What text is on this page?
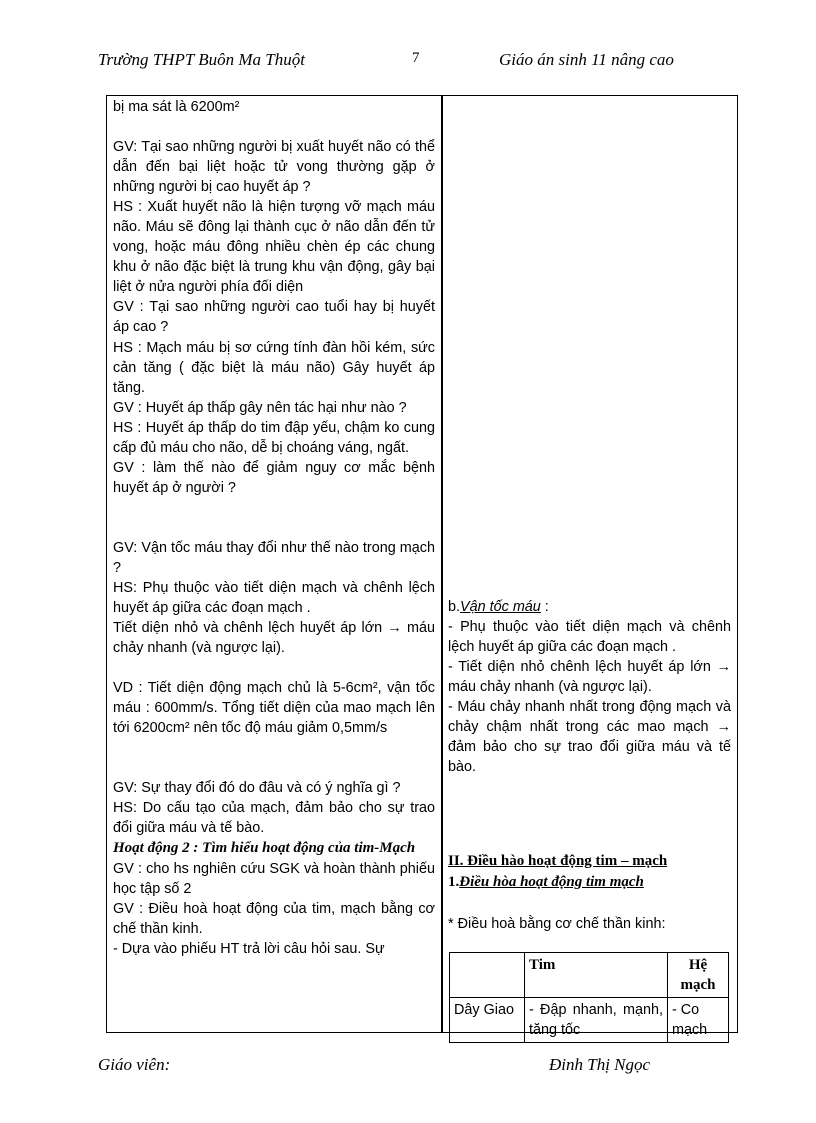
Trường THPT Buôn Ma Thuột	7	Giáo án sinh 11 nâng cao

bị ma sát là 6200m²

GV: Tại sao những người bị xuất huyết não có thể dẫn đến bại liệt hoặc tử vong thường gặp ở những người bị cao huyết áp ?

HS : Xuất huyết não là hiện tượng vỡ mạch máu não. Máu sẽ đông lại thành cục ở não dẫn đến tử vong, hoặc máu đông nhiều chèn ép các chung khu ở não đặc biệt là trung khu vận động, gây bại liệt ở nửa người phía đối diện

GV : Tại sao những người cao tuổi hay bị huyết áp cao ?

HS : Mạch máu bị sơ cứng tính đàn hồi kém, sức cản tăng ( đặc biệt là máu não) Gây huyết áp tăng.

GV : Huyết áp thấp gây nên tác hại như nào ?

HS : Huyết áp thấp do tim đập yếu, chậm ko cung cấp đủ máu cho não, dễ bị choáng váng, ngất.

GV : làm thế nào để giảm nguy cơ mắc bệnh huyết áp ở người ?

GV: Vận tốc máu thay đổi như thế nào trong mạch ?

HS: Phụ thuộc vào tiết diện mạch và chênh lệch huyết áp giữa các đoạn mạch .

Tiết diện nhỏ và chênh lệch huyết áp lớn → máu chảy nhanh (và ngược lại).

VD : Tiết diện động mạch chủ là 5-6cm², vận tốc máu : 600mm/s. Tổng tiết diện của mao mạch lên tới 6200cm² nên tốc độ máu giảm 0,5mm/s

GV: Sự thay đổi đó do đâu và có ý nghĩa gì ?

HS: Do cấu tạo của mạch, đảm bảo cho sự trao đổi giữa máu và tế bào.

Hoạt động 2 : Tìm hiểu hoạt động của tim-Mạch

GV : cho hs nghiên cứu SGK và hoàn thành phiếu học tập số 2

GV : Điều hoà hoạt động của tim, mạch bằng cơ chế thần kinh.

- Dựa vào phiếu HT trả lời câu hỏi sau. Sự

b.Vận tốc máu :

- Phụ thuộc vào tiết diện mạch và chênh lệch huyết áp giữa các đoạn mạch .

- Tiết diện nhỏ chênh lệch huyết áp lớn → máu chảy nhanh (và ngược lại).

- Máu chảy nhanh nhất trong động mạch và chảy chậm nhất trong các mao mạch → đảm bảo cho sự trao đổi giữa máu và tế bào.

II. Điều hào hoạt động tim – mạch
1.Điều hòa hoạt động tim mạch

* Điều hoà bằng cơ chế thần kinh:

	Tim	Hệ mạch
Dây Giao	- Đập nhanh, mạnh, tăng tốc	- Co mạch
Giáo viên:	Đinh Thị Ngọc
